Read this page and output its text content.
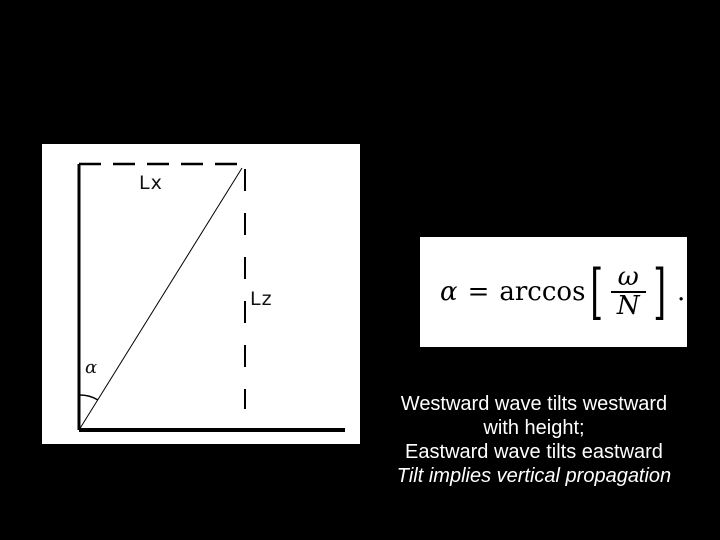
Lx
Lz
α
α = arccos [ $\frac{\omega}{N}$ ] .
Westward wave tilts westward
with height;
Eastward wave tilts eastward
Tilt implies vertical propagation
